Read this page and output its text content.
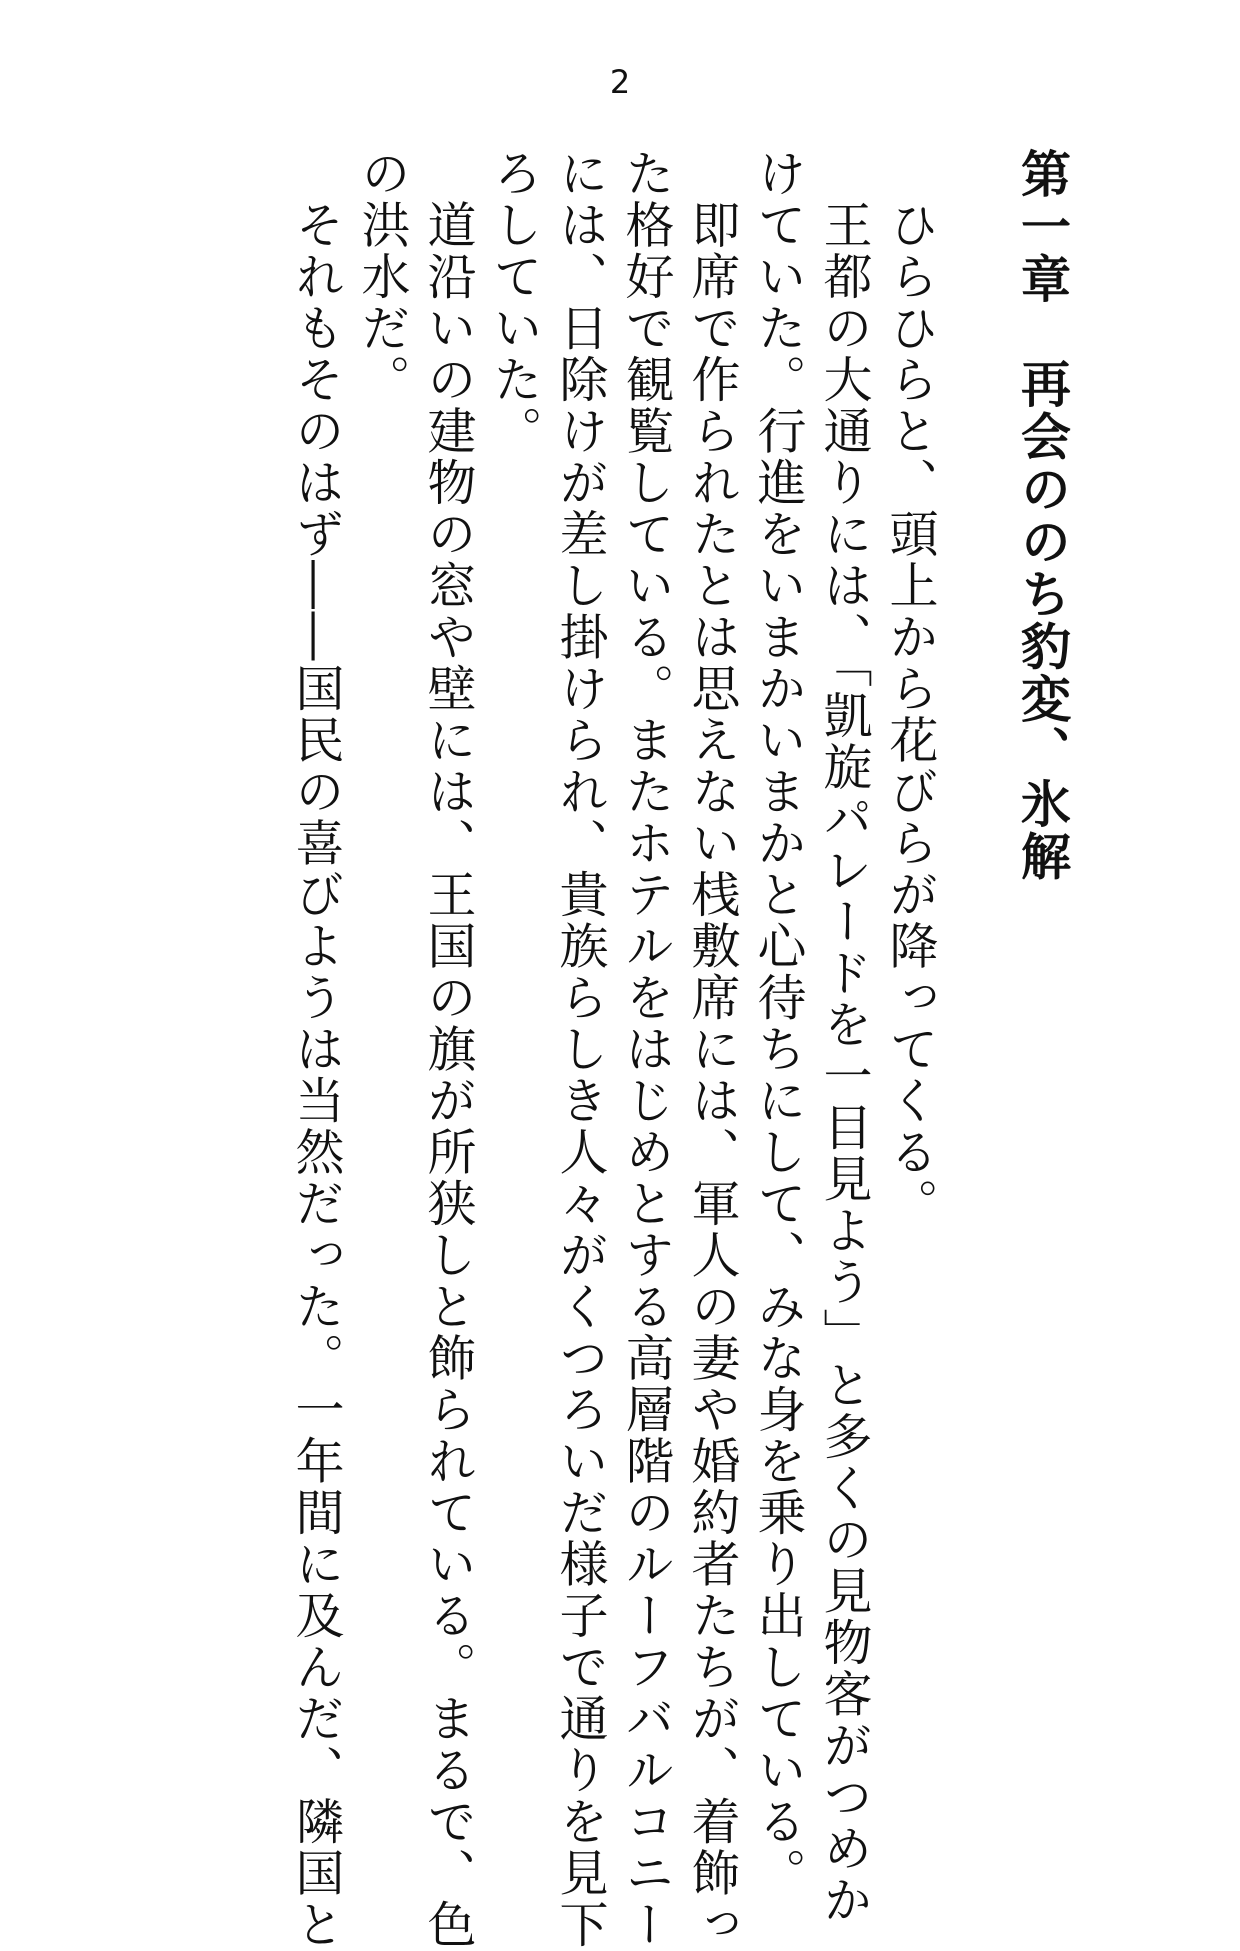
2

第一章　再会ののち豹変、氷解

　ひらひらと、頭上から花びらが降ってくる。

　王都の大通りには、「凱旋パレードを一目見よう」と多くの見物客がつめか

けていた。行進をいまかいまかと心待ちにして、みな身を乗り出している。

　即席で作られたとは思えない桟敷席には、軍人の妻や婚約者たちが、着飾っ

た格好で観覧している。またホテルをはじめとする高層階のルーフバルコニー

には、日除けが差し掛けられ、貴族らしき人々がくつろいだ様子で通りを見下

ろしていた。

　道沿いの建物の窓や壁には、王国の旗が所狭しと飾られている。まるで、色

の洪水だ。

　それもそのはず――国民の喜びようは当然だった。一年間に及んだ、隣国と
